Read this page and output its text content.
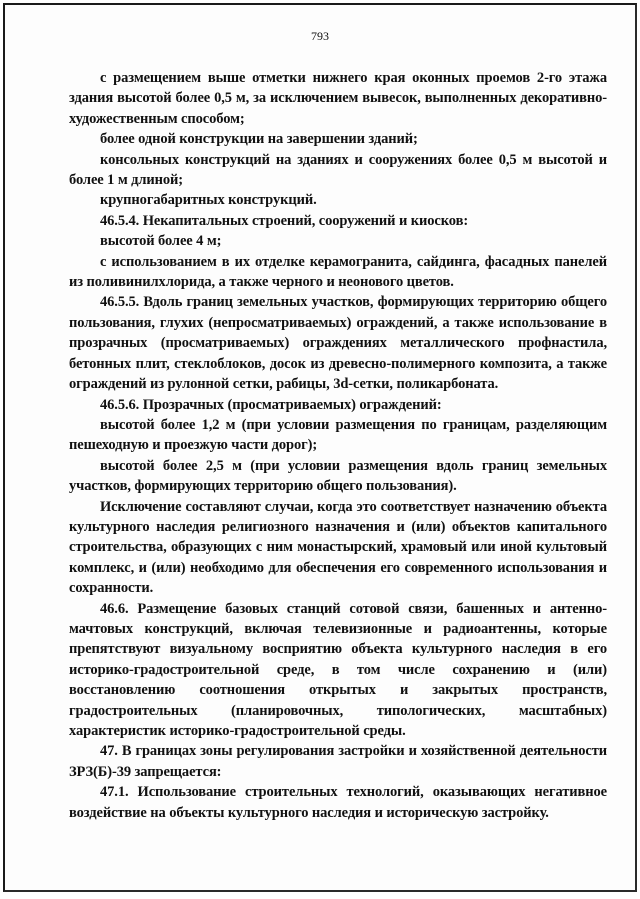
793

с размещением выше отметки нижнего края оконных проемов 2-го этажа здания высотой более 0,5 м, за исключением вывесок, выполненных декоративно-художественным способом;

более одной конструкции на завершении зданий;

консольных конструкций на зданиях и сооружениях более 0,5 м высотой и более 1 м длиной;

крупногабаритных конструкций.

46.5.4. Некапитальных строений, сооружений и киосков:

высотой более 4 м;

с использованием в их отделке керамогранита, сайдинга, фасадных панелей из поливинилхлорида, а также черного и неонового цветов.

46.5.5. Вдоль границ земельных участков, формирующих территорию общего пользования, глухих (непросматриваемых) ограждений, а также использование в прозрачных (просматриваемых) ограждениях металлического профнастила, бетонных плит, стеклоблоков, досок из древесно-полимерного композита, а также ограждений из рулонной сетки, рабицы, 3d-сетки, поликарбоната.

46.5.6. Прозрачных (просматриваемых) ограждений:

высотой более 1,2 м (при условии размещения по границам, разделяющим пешеходную и проезжую части дорог);

высотой более 2,5 м (при условии размещения вдоль границ земельных участков, формирующих территорию общего пользования).

Исключение составляют случаи, когда это соответствует назначению объекта культурного наследия религиозного назначения и (или) объектов капитального строительства, образующих с ним монастырский, храмовый или иной культовый комплекс, и (или) необходимо для обеспечения его современного использования и сохранности.

46.6. Размещение базовых станций сотовой связи, башенных и антенно-мачтовых конструкций, включая телевизионные и радиоантенны, которые препятствуют визуальному восприятию объекта культурного наследия в его историко-градостроительной среде, в том числе сохранению и (или) восстановлению соотношения открытых и закрытых пространств, градостроительных (планировочных, типологических, масштабных) характеристик историко-градостроительной среды.

47. В границах зоны регулирования застройки и хозяйственной деятельности ЗРЗ(Б)-39 запрещается:

47.1. Использование строительных технологий, оказывающих негативное воздействие на объекты культурного наследия и историческую застройку.
